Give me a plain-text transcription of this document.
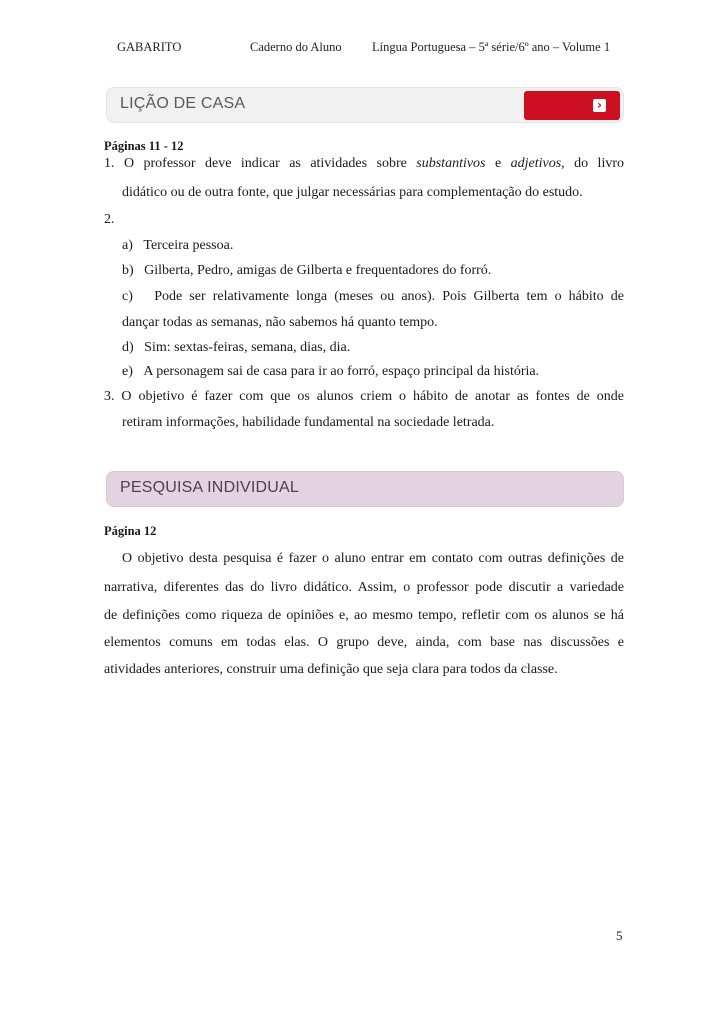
GABARITO	Caderno do Aluno Língua Portuguesa – 5ª série/6º ano – Volume 1
LIÇÃO DE CASA	›
Páginas 11 - 12
1. O professor deve indicar as atividades sobre substantivos e adjetivos, do livro
didático ou de outra fonte, que julgar necessárias para complementação do estudo.
2.
a)   Terceira pessoa.
b)   Gilberta, Pedro, amigas de Gilberta e frequentadores do forró.
c)   Pode ser relativamente longa (meses ou anos). Pois Gilberta tem o hábito de
dançar todas as semanas, não sabemos há quanto tempo.
d)   Sim: sextas-feiras, semana, dias, dia.
e)   A personagem sai de casa para ir ao forró, espaço principal da história.
3. O objetivo é fazer com que os alunos criem o hábito de anotar as fontes de onde
retiram informações, habilidade fundamental na sociedade letrada.
PESQUISA INDIVIDUAL
Página 12
O objetivo desta pesquisa é fazer o aluno entrar em contato com outras definições de
narrativa, diferentes das do livro didático. Assim, o professor pode discutir a variedade
de definições como riqueza de opiniões e, ao mesmo tempo, refletir com os alunos se há
elementos comuns em todas elas. O grupo deve, ainda, com base nas discussões e
atividades anteriores, construir uma definição que seja clara para todos da classe.
5
